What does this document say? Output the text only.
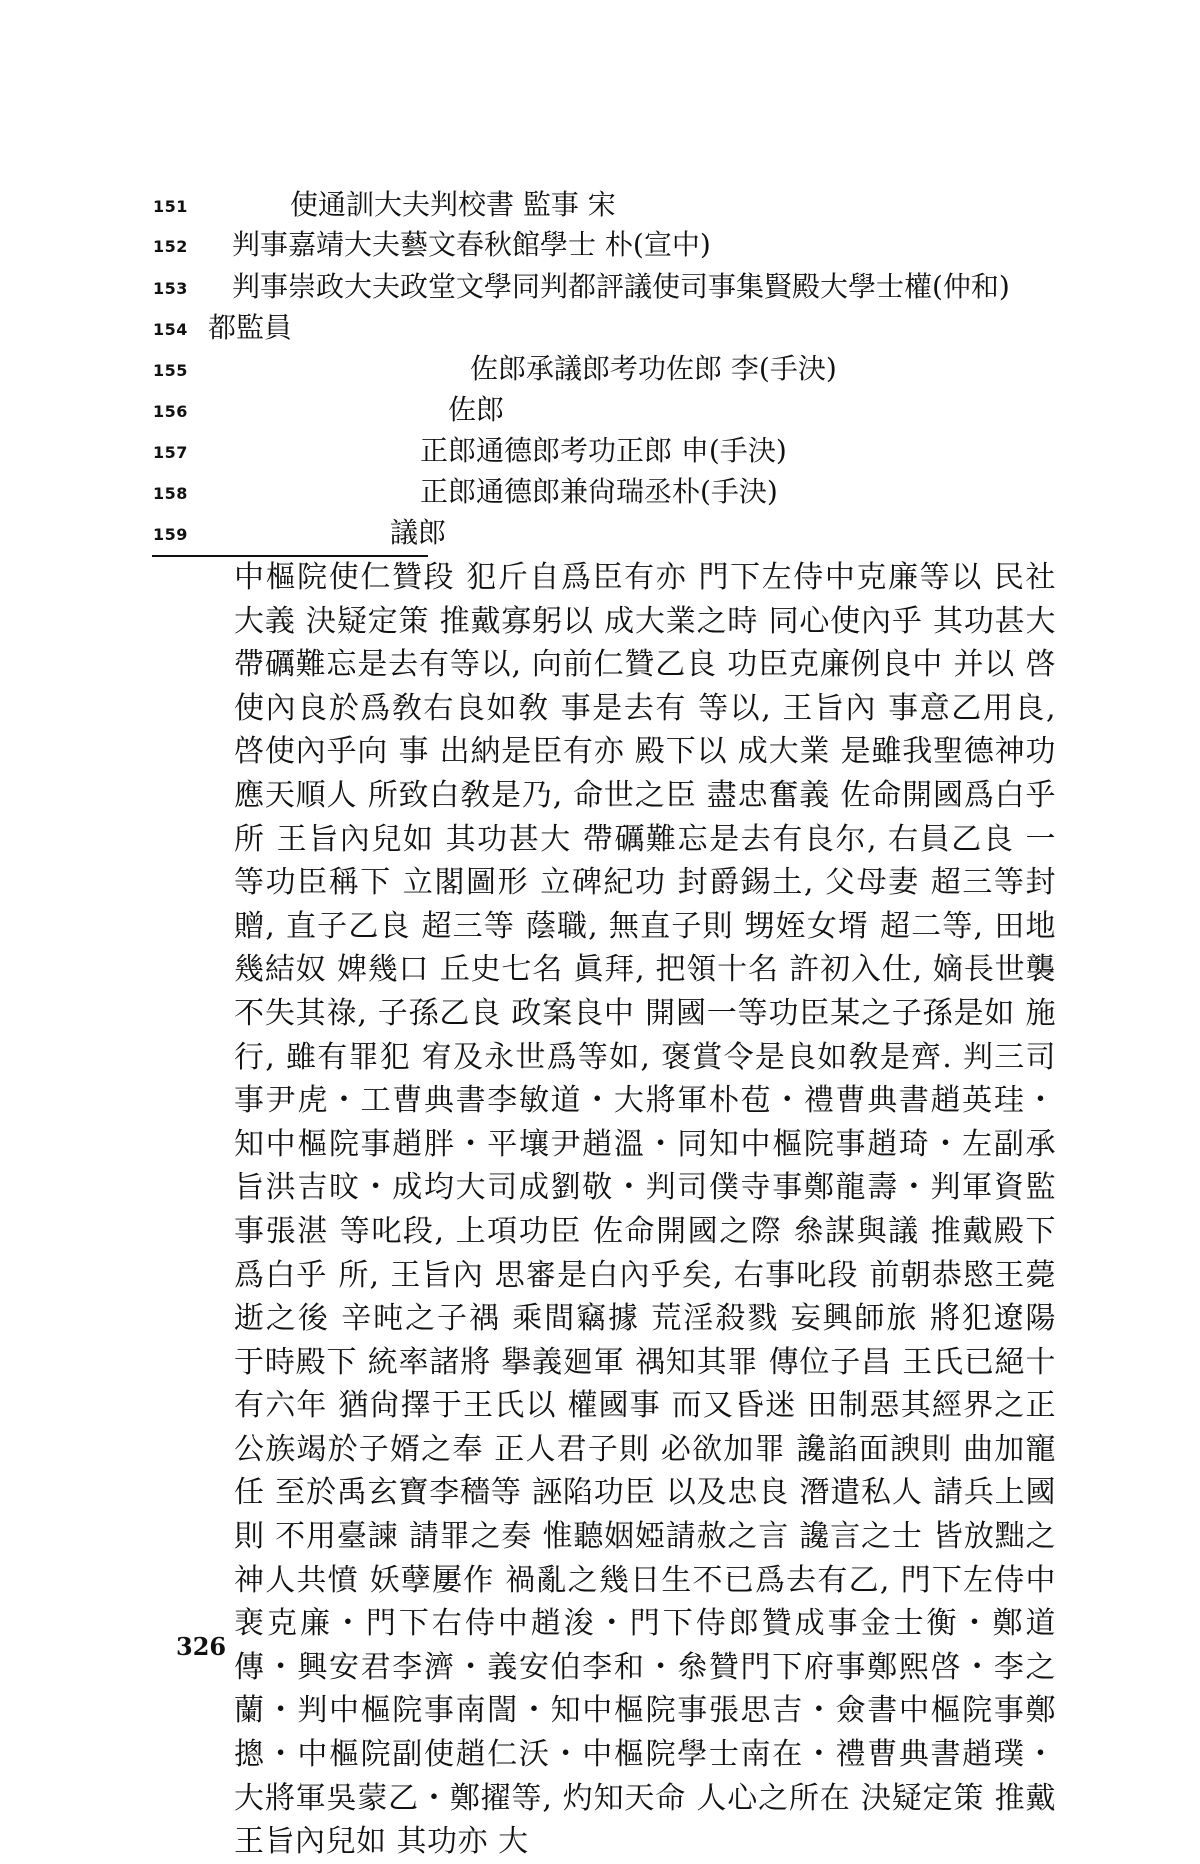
151	使通訓大夫判校書 監事 宋
152 判事嘉靖大夫藝文春秋館學士 朴(宣中)
153 判事崇政大夫政堂文學同判都評議使司事集賢殿大學士權(仲和)
154 都監員
155	佐郎承議郎考功佐郎 李(手決)
156	佐郎
157	正郎通德郎考功正郎 申(手決)
158	正郎通德郎兼尙瑞丞朴(手決)
159	議郎

中樞院使仁贊段 犯斤自爲臣有亦 門下左侍中克廉等以 民社大義 決疑定策 推戴寡躬以 成大業之時 同心使內乎 其功甚大 帶礪難忘是去有等以, 向前仁贊乙良 功臣克廉例良中 并以 啓使內良於爲敎右良如敎 事是去有 等以, 王旨內 事意乙用良, 啓使內乎向 事 出納是臣有亦 殿下以 成大業 是雖我聖德神功 應天順人 所致白敎是乃, 命世之臣 盡忠奮義 佐命開國爲白乎所 王旨內兒如 其功甚大 帶礪難忘是去有良尔, 右員乙良 一等功臣稱下 立閣圖形 立碑紀功 封爵錫土, 父母妻 超三等封贈, 直子乙良 超三等 蔭職, 無直子則 甥姪女壻 超二等, 田地幾結奴 婢幾口 丘史七名 眞拜, 把領十名 許初入仕, 嫡長世襲 不失其祿, 子孫乙良 政案良中 開國一等功臣某之子孫是如 施行, 雖有罪犯 宥及永世爲等如, 褒賞令是良如敎是齊. 判三司事尹虎・工曹典書李敏道・大將軍朴苞・禮曹典書趙英珪・知中樞院事趙胖・平壤尹趙溫・同知中樞院事趙琦・左副承旨洪吉旼・成均大司成劉敬・判司僕寺事鄭龍壽・判軍資監事張湛 等叱段, 上項功臣 佐命開國之際 叅謀與議 推戴殿下爲白乎 所, 王旨內 思審是白內乎矣, 右事叱段 前朝恭愍王薨逝之後 辛旽之子禑 乘間竊據 荒淫殺戮 妄興師旅 將犯遼陽 于時殿下 統率諸將 擧義廻軍 禑知其罪 傳位子昌 王氏已絕十有六年 猶尙擇于王氏以 權國事 而又昏迷 田制惡其經界之正 公族竭於子婿之奉 正人君子則 必欲加罪 讒諂面諛則 曲加寵任 至於禹玄寶李穡等 誣陷功臣 以及忠良 潛遣私人 請兵上國則 不用臺諫 請罪之奏 惟聽姻婭請赦之言 讒言之士 皆放黜之 神人共憤 妖孽屢作 禍亂之幾日生不已爲去有乙, 門下左侍中裵克廉・門下右侍中趙浚・門下侍郎贊成事金士衡・鄭道傳・興安君李濟・義安伯李和・叅贊門下府事鄭熙啓・李之蘭・判中樞院事南誾・知中樞院事張思吉・僉書中樞院事鄭摠・中樞院副使趙仁沃・中樞院學士南在・禮曹典書趙璞・大將軍吳蒙乙・鄭擢等, 灼知天命 人心之所在 決疑定策 推戴王旨內兒如 其功亦 大

326
